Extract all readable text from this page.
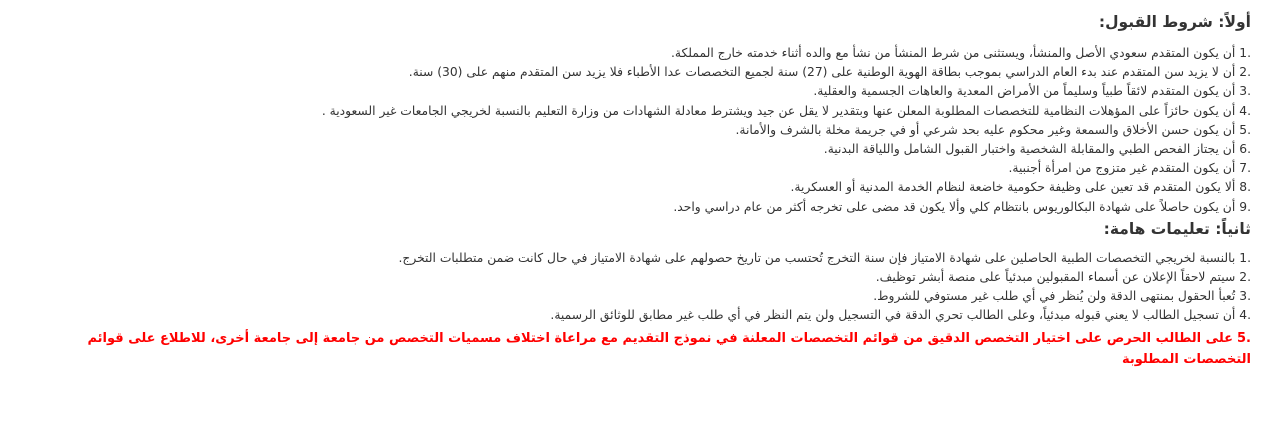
أولاً: شروط القبول:
1.أن يكون المتقدم سعودي الأصل والمنشأ، ويستثنى من شرط المنشأ من نشأ مع والده أثناء خدمته خارج المملكة.
2.أن لا يزيد سن المتقدم عند بدء العام الدراسي بموجب بطاقة الهوية الوطنية على (27) سنة لجميع التخصصات عدا الأطباء فلا يزيد سن المتقدم منهم على (30) سنة.
3.أن يكون المتقدم لائقاً طبياً وسليماً من الأمراض المعدية والعاهات الجسمية والعقلية.
4.أن يكون حائزاً على المؤهلات النظامية للتخصصات المطلوبة المعلن عنها وبتقدير لا يقل عن جيد ويشترط معادلة الشهادات من وزارة التعليم بالنسبة لخريجي الجامعات غير السعودية .
5.أن يكون حسن الأخلاق والسمعة وغير محكوم عليه بحد شرعي أو في جريمة مخلة بالشرف والأمانة.
6.أن يجتاز الفحص الطبي والمقابلة الشخصية واختبار القبول الشامل واللياقة البدنية.
7.أن يكون المتقدم غير متزوج من امرأة أجنبية.
8.ألا يكون المتقدم قد تعين على وظيفة حكومية خاضعة لنظام الخدمة المدنية أو العسكرية.
9.أن يكون حاصلاً على شهادة البكالوريوس بانتظام كلي وألا يكون قد مضى على تخرجه أكثر من عام دراسي واحد.
ثانياً: تعليمات هامة:
1.بالنسبة لخريجي التخصصات الطبية الحاصلين على شهادة الامتياز فإن سنة التخرج تُحتسب من تاريخ حصولهم على شهادة الامتياز في حال كانت ضمن متطلبات التخرج.
2.سيتم لاحقاً الإعلان عن أسماء المقبولين مبدئياً على منصة أبشر توظيف.
3.تُعبأ الحقول بمنتهى الدقة ولن يُنظر في أي طلب غير مستوفي للشروط.
4.أن تسجيل الطالب لا يعني قبوله مبدئياً، وعلى الطالب تحري الدقة في التسجيل ولن يتم النظر في أي طلب غير مطابق للوثائق الرسمية.
5.على الطالب الحرص على اختيار التخصص الدقيق من قوائم التخصصات المعلنة في نموذج التقديم مع مراعاة اختلاف مسميات التخصص من جامعة إلى جامعة أخرى، للاطلاع على قوائم التخصصات المطلوبة
